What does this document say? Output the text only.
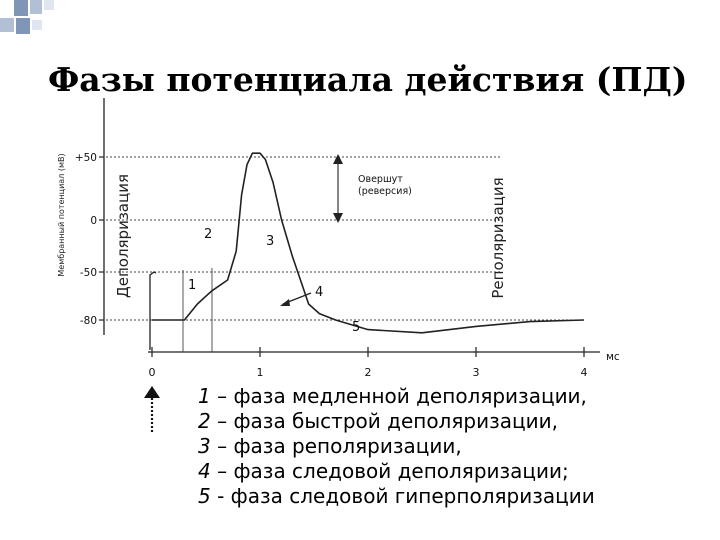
Фазы потенциала действия (ПД)
+50
0
-50
-80
0	1	2	3	4
мс
Мембранный потенциал (мВ)
1
2	3
4
5
Деполяризация	Реполяризация
Овершут
(реверсия)
1 – фаза медленной деполяризации,
2 – фаза быстрой деполяризации,
3 – фаза реполяризации,
4 – фаза следовой деполяризации;
5 - фаза следовой гиперполяризации
